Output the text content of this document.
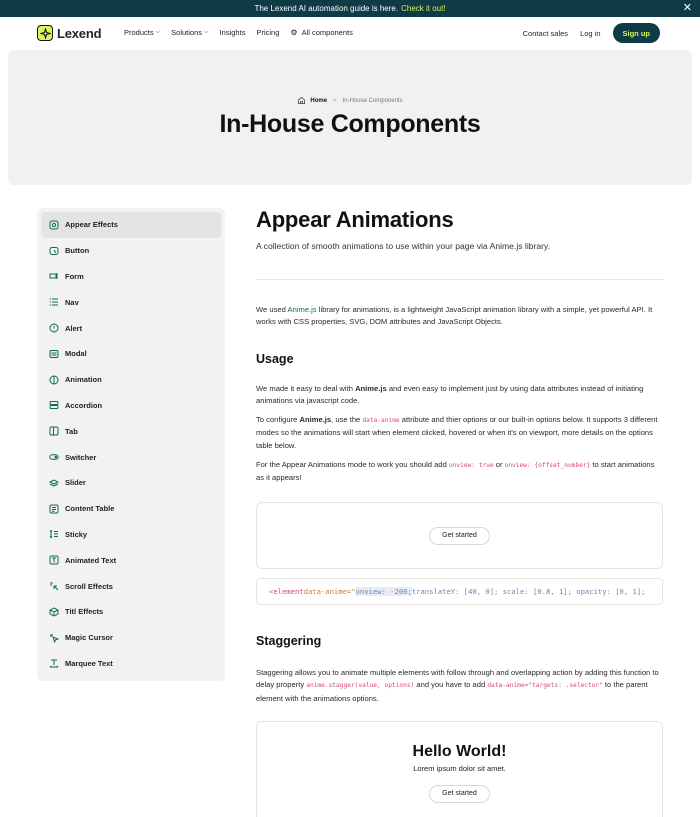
The Lexend AI automation guide is here. Check it out!	✕
Lexend	Products ⌵ Solutions ⌵ Insights Pricing ⚙ All components	Contact sales Log in	Sign up
Home > In-House Components
In-House Components
Appear Effects
Button
Form
Nav
Alert
Modal
Animation
Accordion
Tab
Switcher
Slider
Content Table
Sticky
Animated Text
Scroll Effects
Titl Effects
Magic Cursor
Marquee Text
Appear Animations
A collection of smooth animations to use within your page via Anime.js library.

We used Anime.js library for animations, is a lightweight JavaScript animation library with a simple, yet powerful API. It works with CSS properties, SVG, DOM attributes and JavaScript Objects.

Usage

We made it easy to deal with Anime.js and even easy to implement just by using data attributes instead of initiating animations via javascript code.

To configure Anime.js, use the data-anime attribute and thier options or our built-in options below. It supports 3 different modes so the animations will start when element clicked, hovered or when it's on viewport, more details on the options table below.

For the Appear Animations mode to work you should add onview: true or onview: {offset_number} to start animations as it appears!

Get started
<element data-anime=" onview: -200; translateY: [40, 0]; scale: [0.8, 1]; opacity: [0, 1];
Staggering

Staggering allows you to animate multiple elements with follow through and overlapping action by adding this function to delay property anime.stagger(value, options) and you have to add data-anime="targets: .selector" to the parent element with the animations options.

Hello World!
Lorem ipsum dolor sit amet.
Get started
